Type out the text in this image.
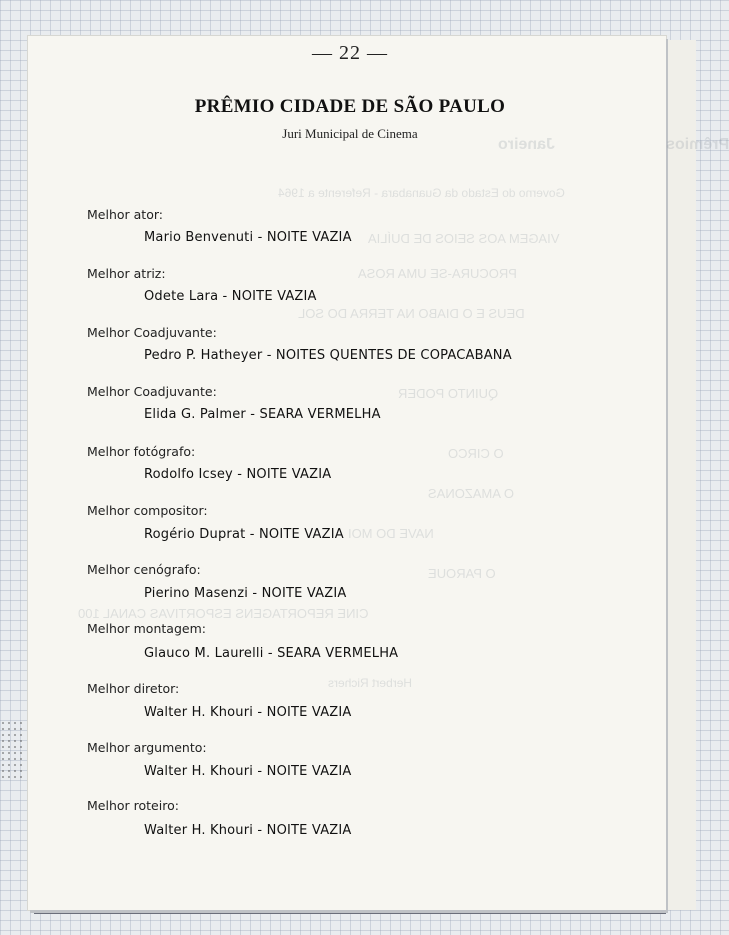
Prêmios                         Janeiro
Governo do Estado da Guanabara - Referente a 1964
VIAGEM AOS SEIOS DE DUÍLIA
PROCURA-SE UMA ROSA
DEUS E O DIABO NA TERRA DO SOL
QUINTO PODER
O CIRCO
O AMAZONAS
NAVE DO MOI
O PAROUE
CINE REPORTAGENS ESPORTIVAS CANAL 100
Herbert Richers
— 22 —
PRÊMIO CIDADE DE SÃO PAULO
Juri Municipal de Cinema
Melhor ator:
Mario Benvenuti - NOITE VAZIA
Melhor atriz:
Odete Lara - NOITE VAZIA
Melhor Coadjuvante:
Pedro P. Hatheyer - NOITES QUENTES DE COPACABANA
Melhor Coadjuvante:
Elida G. Palmer - SEARA VERMELHA
Melhor fotógrafo:
Rodolfo Icsey - NOITE VAZIA
Melhor compositor:
Rogério Duprat - NOITE VAZIA
Melhor cenógrafo:
Pierino Masenzi - NOITE VAZIA
Melhor montagem:
Glauco M. Laurelli - SEARA VERMELHA
Melhor diretor:
Walter H. Khouri - NOITE VAZIA
Melhor argumento:
Walter H. Khouri - NOITE VAZIA
Melhor roteiro:
Walter H. Khouri - NOITE VAZIA
